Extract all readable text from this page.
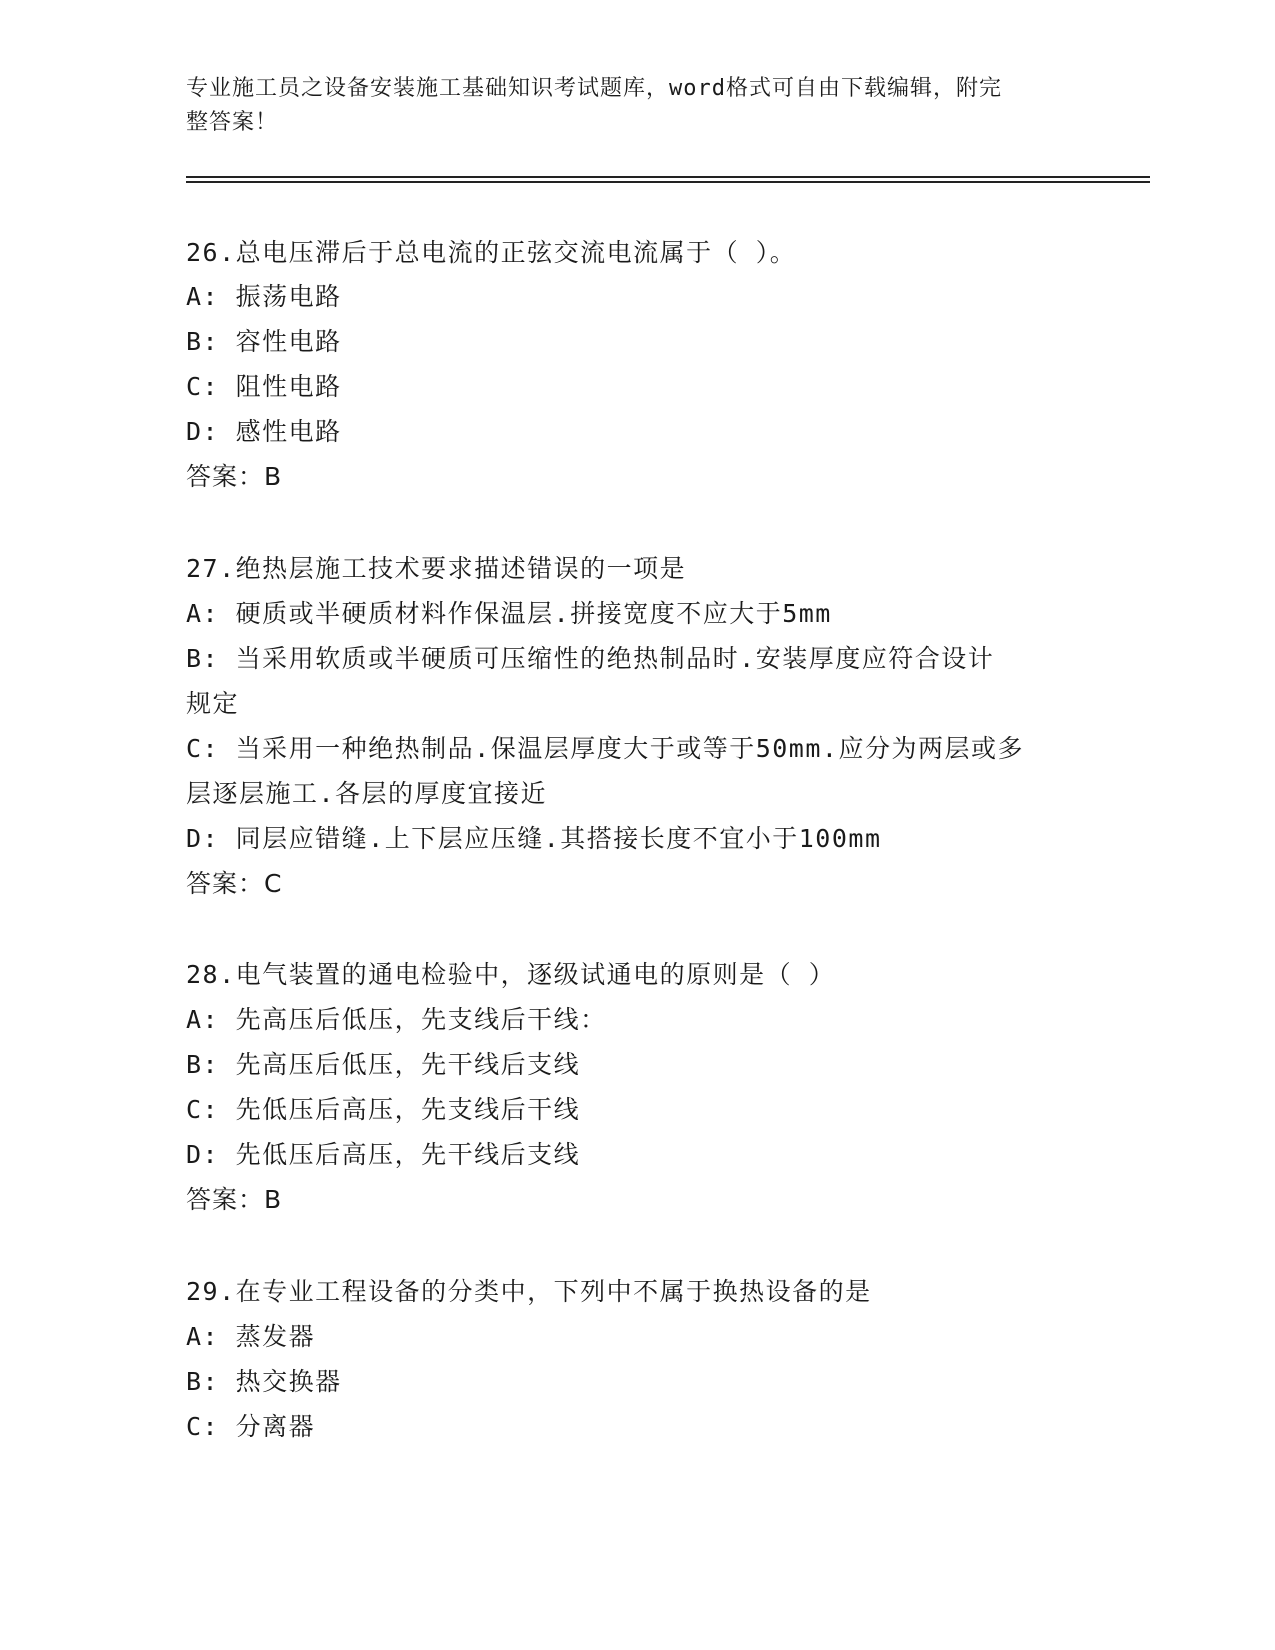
专业施工员之设备安装施工基础知识考试题库，word格式可自由下载编辑，附完
整答案！
26.总电压滞后于总电流的正弦交流电流属于（ ）。
A: 振荡电路
B: 容性电路
C: 阻性电路
D: 感性电路
答案：B
27.绝热层施工技术要求描述错误的一项是
A: 硬质或半硬质材料作保温层.拼接宽度不应大于5mm
B: 当采用软质或半硬质可压缩性的绝热制品时.安装厚度应符合设计
规定
C: 当采用一种绝热制品.保温层厚度大于或等于50mm.应分为两层或多
层逐层施工.各层的厚度宜接近
D: 同层应错缝.上下层应压缝.其搭接长度不宜小于100mm
答案：C
28.电气装置的通电检验中，逐级试通电的原则是（ ）
A: 先高压后低压，先支线后干线：
B: 先高压后低压，先干线后支线
C: 先低压后高压，先支线后干线
D: 先低压后高压，先干线后支线
答案：B
29.在专业工程设备的分类中，下列中不属于换热设备的是
A: 蒸发器
B: 热交换器
C: 分离器
